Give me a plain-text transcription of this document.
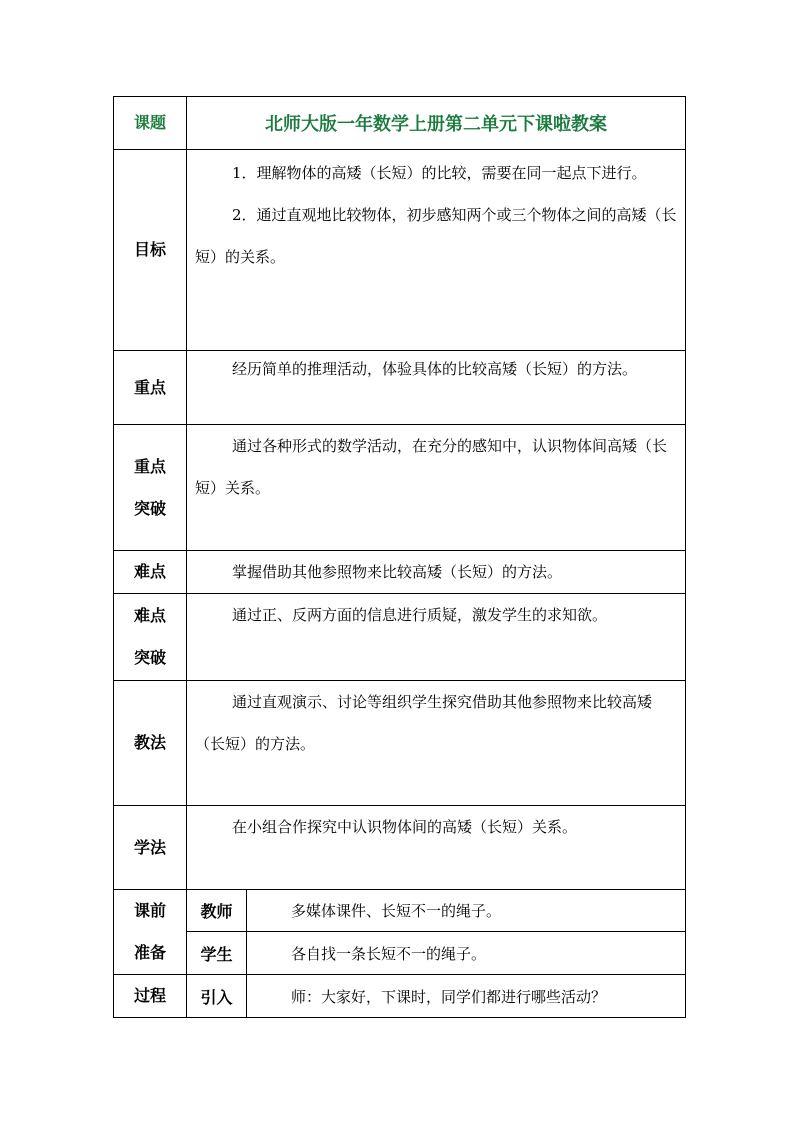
课题	北师大版一年数学上册第二单元下课啦教案	
目标	1．理解物体的高矮（长短）的比较，需要在同一起点下进行。

2．通过直观地比较物体，初步感知两个或三个物体之间的高矮（长短）的关系。	

重点	经历简单的推理活动，体验具体的比较高矮（长短）的方法。	

重点
突破	通过各种形式的数学活动，在充分的感知中，认识物体间高矮（长短）关系。	

难点	掌握借助其他参照物来比较高矮（长短）的方法。	

难点
突破	通过正、反两方面的信息进行质疑，激发学生的求知欲。	

教法	通过直观演示、讨论等组织学生探究借助其他参照物来比较高矮（长短）的方法。	

学法	在小组合作探究中认识物体间的高矮（长短）关系。	

课前
准备	教师	多媒体课件、长短不一的绳子。
	学生	各自找一条长短不一的绳子。
过程	引入	师：大家好，下课时，同学们都进行哪些活动？
